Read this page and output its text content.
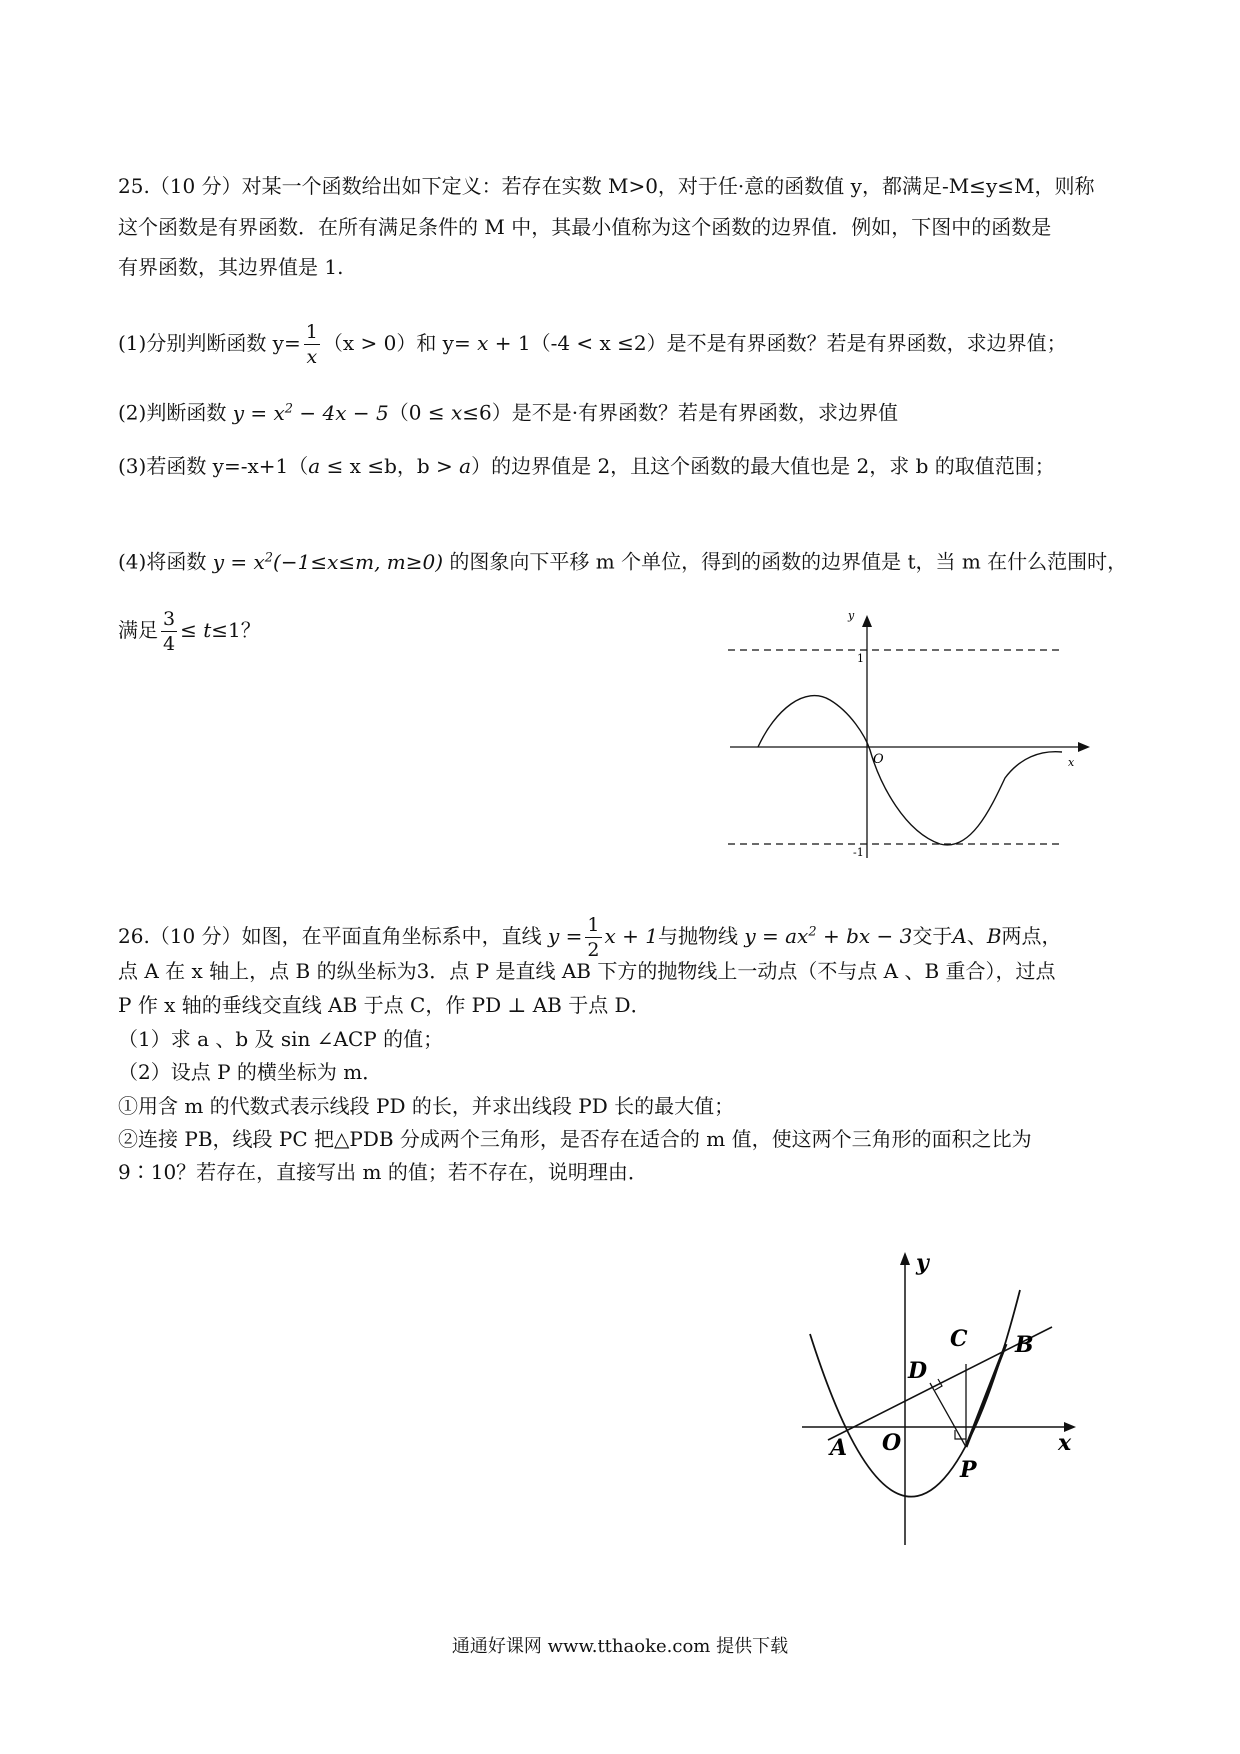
25.（10 分）对某一个函数给出如下定义：若存在实数 M>0，对于任·意的函数值 y，都满足-M≤y≤M，则称
这个函数是有界函数．在所有满足条件的 M 中，其最小值称为这个函数的边界值．例如，下图中的函数是
有界函数，其边界值是 1.
(1)分别判断函数 $y= \frac{1}{x} (x > 0)$和 y= x + 1（-4 < x ≤2）是不是有界函数？若是有界函数，求边界值；
(2)判断函数 $y = x^2 - 4x - 5(0 \le x\le 6)$是不是·有界函数？若是有界函数，求边界值
(3)若函数 y=-x+1（a ≤ x ≤b，b > a）的边界值是 2，且这个函数的最大值也是 2，求 b 的取值范围；
(4)将函数 $y = x^2(-1\le x\le m$, m≥0) 的图象向下平移 m 个单位，得到的函数的边界值是 t，当 m 在什么范围时，
满足 $\frac{3}{4} \le t\le 1$？
y
x
O
1
-1
26.（10 分）如图，在平面直角坐标系中，直线 $y = \frac{1}{2}$ x + 1与抛物线 $y = ax^2$ + bx − 3交于A、B两点，
点 A 在 x 轴上，点 B 的纵坐标为3．点 P 是直线 AB 下方的抛物线上一动点（不与点 A 、B 重合），过点
P 作 x 轴的垂线交直线 AB 于点 C，作 PD ⊥ AB 于点 D．
（1）求 a 、b 及 sin ∠ACP 的值；
（2）设点 P 的横坐标为 m．
①用含 m 的代数式表示线段 PD 的长，并求出线段 PD 长的最大值；
②连接 PB，线段 PC 把△PDB 分成两个三角形，是否存在适合的 m 值，使这两个三角形的面积之比为
9∶10？若存在，直接写出 m 的值；若不存在，说明理由．
y
x
A O
B
C
D
P
通通好课网 www.tthaoke.com 提供下载
